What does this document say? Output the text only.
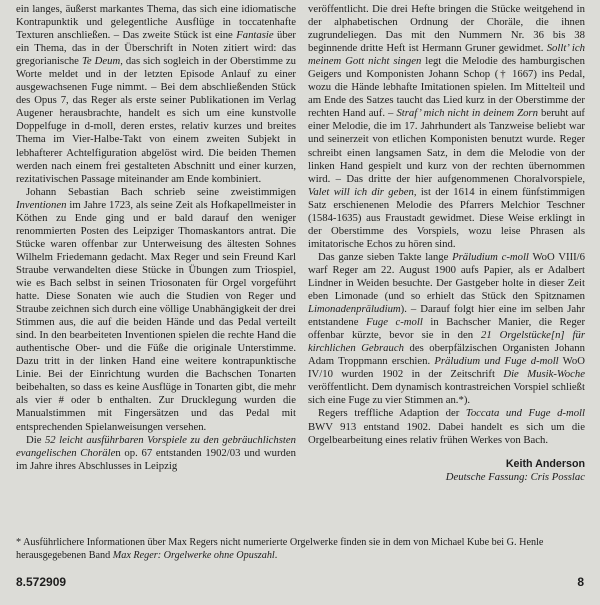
ein langes, äußerst markantes Thema, das sich eine idiomatische Kontrapunktik und gelegentliche Ausflüge in toccatenhafte Texturen anschließen. – Das zweite Stück ist eine Fantasie über ein Thema, das in der Überschrift in Noten zitiert wird: das gregorianische Te Deum, das sich sogleich in der Oberstimme zu Worte meldet und in der letzten Episode Anlauf zu einer ausgewachsenen Fuge nimmt. – Bei dem abschließenden Stück des Opus 7, das Reger als erste seiner Publikationen im Verlag Augener herausbrachte, handelt es sich um eine kunstvolle Doppelfuge in d-moll, deren erstes, relativ kurzes und breites Thema im Vier-Halbe-Takt von einem zweiten Subjekt in lebhafterer Achtelfiguration abgelöst wird. Die beiden Themen werden nach einem frei gestalteten Abschnitt und einer kurzen, rezitativischen Passage miteinander am Ende kombiniert.

Johann Sebastian Bach schrieb seine zweistimmigen Inventionen im Jahre 1723, als seine Zeit als Hofkapellmeister in Köthen zu Ende ging und er bald darauf den weniger renommierten Posten des Leipziger Thomaskantors antrat. Die Stücke waren offenbar zur Unterweisung des ältesten Sohnes Wilhelm Friedemann gedacht. Max Reger und sein Freund Karl Straube verwandelten diese Stücke in Übungen zum Triospiel, wie es Bach selbst in seinen Triosonaten für Orgel vorgeführt hatte. Diese Sonaten wie auch die Studien von Reger und Straube zeichnen sich durch eine völlige Unabhängigkeit der drei Stimmen aus, die auf die beiden Hände und das Pedal verteilt sind. In den bearbeiteten Inventionen spielen die rechte Hand die authentische Ober- und die Füße die originale Unterstimme. Dazu tritt in der linken Hand eine weitere kontrapunktische Linie. Bei der Einrichtung wurden die Bachschen Tonarten beibehalten, so dass es keine Ausflüge in Tonarten gibt, die mehr als vier # oder b enthalten. Zur Drucklegung wurden die Manualstimmen mit Fingersätzen und das Pedal mit entsprechenden Spielanweisungen versehen.

Die 52 leicht ausführbaren Vorspiele zu den gebräuchlichsten evangelischen Chorälen op. 67 entstanden 1902/03 und wurden im Jahre ihres Abschlusses in Leipzig

veröffentlicht. Die drei Hefte bringen die Stücke weitgehend in der alphabetischen Ordnung der Choräle, die ihnen zugrundeliegen. Das mit den Nummern Nr. 36 bis 38 beginnende dritte Heft ist Hermann Gruner gewidmet. Sollt’ ich meinem Gott nicht singen legt die Melodie des hamburgischen Geigers und Komponisten Johann Schop († 1667) ins Pedal, wozu die Hände lebhafte Imitationen spielen. Im Mittelteil und am Ende des Satzes taucht das Lied kurz in der Oberstimme der rechten Hand auf. – Straf’ mich nicht in deinem Zorn beruht auf einer Melodie, die im 17. Jahrhundert als Tanzweise beliebt war und seinerzeit von etlichen Komponisten benutzt wurde. Reger schreibt einen langsamen Satz, in dem die Melodie von der linken Hand gespielt und kurz von der rechten übernommen wird. – Das dritte der hier aufgenommenen Choralvorspiele, Valet will ich dir geben, ist der 1614 in einem fünfstimmigen Satz erschienenen Melodie des Pfarrers Melchior Teschner (1584-1635) aus Fraustadt gewidmet. Diese Weise erklingt in der Oberstimme des Vorspiels, wozu leise Phrasen als imitatorische Echos zu hören sind.

Das ganze sieben Takte lange Präludium c-moll WoO VIII/6 warf Reger am 22. August 1900 aufs Papier, als er Adalbert Lindner in Weiden besuchte. Der Gastgeber holte in dieser Zeit eben Limonade (und so erhielt das Stück den Spitznamen Limonadenpräludium). – Darauf folgt hier eine im selben Jahr entstandene Fuge c-moll in Bachscher Manier, die Reger offenbar kürzte, bevor sie in den 21 Orgelstücke[n] für kirchlichen Gebrauch des oberpfälzischen Organisten Johann Adam Troppmann erschien. Präludium und Fuge d-moll WoO IV/10 wurden 1902 in der Zeitschrift Die Musik-Woche veröffentlicht. Dem dynamisch kontrastreichen Vorspiel schließt sich eine Fuge zu vier Stimmen an.*).

Regers treffliche Adaption der Toccata und Fuge d-moll BWV 913 entstand 1902. Dabei handelt es sich um die Orgelbearbeitung eines relativ frühen Werkes von Bach.

Keith Anderson
Deutsche Fassung: Cris Posslac
* Ausführlichere Informationen über Max Regers nicht numerierte Orgelwerke finden sie in dem von Michael Kube bei G. Henle herausgegebenen Band Max Reger: Orgelwerke ohne Opuszahl.
8.572909	8
